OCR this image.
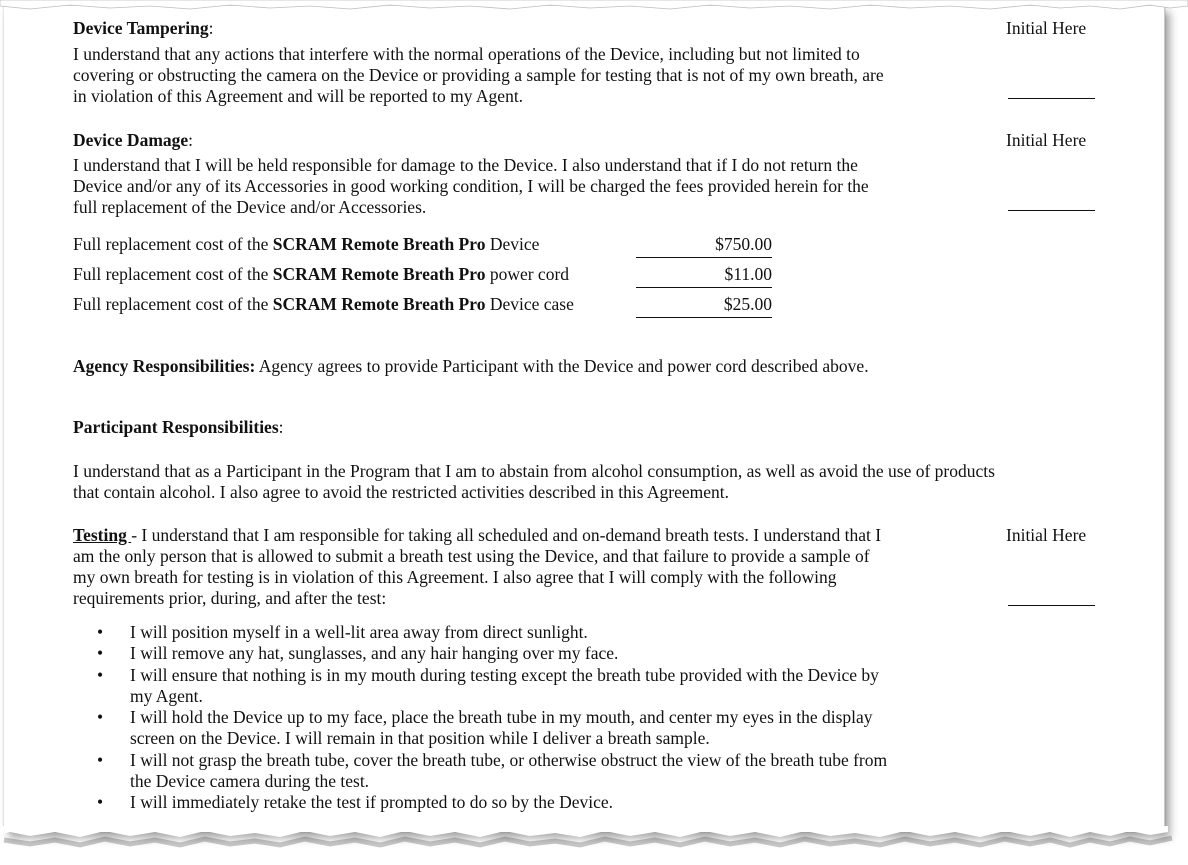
Device Tampering:	Initial Here
I understand that any actions that interfere with the normal operations of the Device, including but not limited to
covering or obstructing the camera on the Device or providing a sample for testing that is not of my own breath, are
in violation of this Agreement and will be reported to my Agent.
Device Damage:	Initial Here
I understand that I will be held responsible for damage to the Device. I also understand that if I do not return the
Device and/or any of its Accessories in good working condition, I will be charged the fees provided herein for the
full replacement of the Device and/or Accessories.
Full replacement cost of the SCRAM Remote Breath Pro Device	$750.00
Full replacement cost of the SCRAM Remote Breath Pro power cord	$11.00
Full replacement cost of the SCRAM Remote Breath Pro Device case	$25.00
Agency Responsibilities: Agency agrees to provide Participant with the Device and power cord described above.
Participant Responsibilities:
I understand that as a Participant in the Program that I am to abstain from alcohol consumption, as well as avoid the use of products
that contain alcohol. I also agree to avoid the restricted activities described in this Agreement.
Testing - I understand that I am responsible for taking all scheduled and on-demand breath tests. I understand that I	Initial Here
am the only person that is allowed to submit a breath test using the Device, and that failure to provide a sample of
my own breath for testing is in violation of this Agreement. I also agree that I will comply with the following
requirements prior, during, and after the test:
• I will position myself in a well-lit area away from direct sunlight.
• I will remove any hat, sunglasses, and any hair hanging over my face.
• I will ensure that nothing is in my mouth during testing except the breath tube provided with the Device by
my Agent.
• I will hold the Device up to my face, place the breath tube in my mouth, and center my eyes in the display
screen on the Device. I will remain in that position while I deliver a breath sample.
• I will not grasp the breath tube, cover the breath tube, or otherwise obstruct the view of the breath tube from
the Device camera during the test.
• I will immediately retake the test if prompted to do so by the Device.
